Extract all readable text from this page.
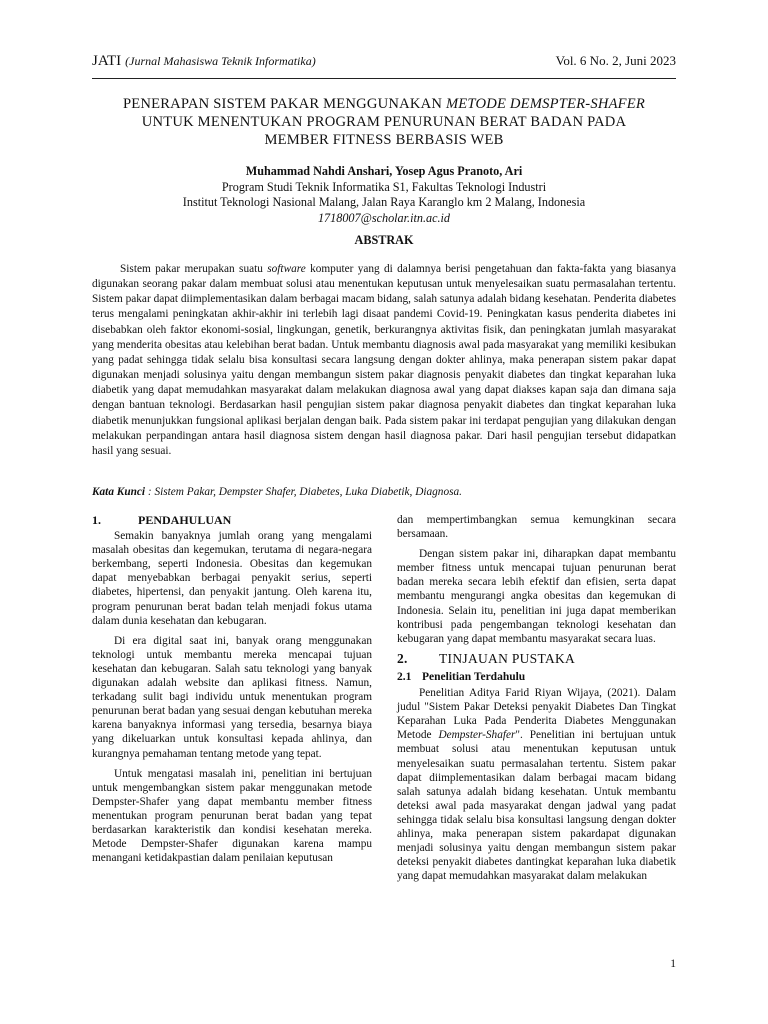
JATI (Jurnal Mahasiswa Teknik Informatika)	Vol. 6 No. 2, Juni 2023
PENERAPAN SISTEM PAKAR MENGGUNAKAN METODE DEMSPTER-SHAFER UNTUK MENENTUKAN PROGRAM PENURUNAN BERAT BADAN PADA MEMBER FITNESS BERBASIS WEB
Muhammad Nahdi Anshari, Yosep Agus Pranoto, Ari
Program Studi Teknik Informatika S1, Fakultas Teknologi Industri
Institut Teknologi Nasional Malang, Jalan Raya Karanglo km 2 Malang, Indonesia
1718007@scholar.itn.ac.id
ABSTRAK
Sistem pakar merupakan suatu software komputer yang di dalamnya berisi pengetahuan dan fakta-fakta yang biasanya digunakan seorang pakar dalam membuat solusi atau menentukan keputusan untuk menyelesaikan suatu permasalahan tertentu. Sistem pakar dapat diimplementasikan dalam berbagai macam bidang, salah satunya adalah bidang kesehatan. Penderita diabetes terus mengalami peningkatan akhir-akhir ini terlebih lagi disaat pandemi Covid-19. Peningkatan kasus penderita diabetes ini disebabkan oleh faktor ekonomi-sosial, lingkungan, genetik, berkurangnya aktivitas fisik, dan peningkatan jumlah masyarakat yang menderita obesitas atau kelebihan berat badan. Untuk membantu diagnosis awal pada masyarakat yang memiliki kesibukan yang padat sehingga tidak selalu bisa konsultasi secara langsung dengan dokter ahlinya, maka penerapan sistem pakar dapat digunakan menjadi solusinya yaitu dengan membangun sistem pakar diagnosis penyakit diabetes dan tingkat keparahan luka diabetik yang dapat memudahkan masyarakat dalam melakukan diagnosa awal yang dapat diakses kapan saja dan dimana saja dengan bantuan teknologi. Berdasarkan hasil pengujian sistem pakar diagnosa penyakit diabetes dan tingkat keparahan luka diabetik menunjukkan fungsional aplikasi berjalan dengan baik. Pada sistem pakar ini terdapat pengujian yang dilakukan dengan melakukan perpandingan antara hasil diagnosa sistem dengan hasil diagnosa pakar. Dari hasil pengujian tersebut didapatkan hasil yang sesuai.
Kata Kunci : Sistem Pakar, Dempster Shafer, Diabetes, Luka Diabetik, Diagnosa.
1.	PENDAHULUAN

Semakin banyaknya jumlah orang yang mengalami masalah obesitas dan kegemukan, terutama di negara-negara berkembang, seperti Indonesia. Obesitas dan kegemukan dapat menyebabkan berbagai penyakit serius, seperti diabetes, hipertensi, dan penyakit jantung. Oleh karena itu, program penurunan berat badan telah menjadi fokus utama dalam dunia kesehatan dan kebugaran.

Di era digital saat ini, banyak orang menggunakan teknologi untuk membantu mereka mencapai tujuan kesehatan dan kebugaran. Salah satu teknologi yang banyak digunakan adalah website dan aplikasi fitness. Namun, terkadang sulit bagi individu untuk menentukan program penurunan berat badan yang sesuai dengan kebutuhan mereka karena banyaknya informasi yang tersedia, besarnya biaya yang dikeluarkan untuk konsultasi kepada ahlinya, dan kurangnya pemahaman tentang metode yang tepat.

Untuk mengatasi masalah ini, penelitian ini bertujuan untuk mengembangkan sistem pakar menggunakan metode Dempster-Shafer yang dapat membantu member fitness menentukan program penurunan berat badan yang tepat berdasarkan karakteristik dan kondisi kesehatan mereka. Metode Dempster-Shafer digunakan karena mampu menangani ketidakpastian dalam penilaian keputusan

dan mempertimbangkan semua kemungkinan secara bersamaan.

Dengan sistem pakar ini, diharapkan dapat membantu member fitness untuk mencapai tujuan penurunan berat badan mereka secara lebih efektif dan efisien, serta dapat membantu mengurangi angka obesitas dan kegemukan di Indonesia. Selain itu, penelitian ini juga dapat memberikan kontribusi pada pengembangan teknologi kesehatan dan kebugaran yang dapat membantu masyarakat secara luas.

2.	TINJAUAN PUSTAKA
2.1 Penelitian Terdahulu

Penelitian Aditya Farid Riyan Wijaya, (2021). Dalam judul "Sistem Pakar Deteksi penyakit Diabetes Dan Tingkat Keparahan Luka Pada Penderita Diabetes Menggunakan Metode Dempster-Shafer". Penelitian ini bertujuan untuk membuat solusi atau menentukan keputusan untuk menyelesaikan suatu permasalahan tertentu. Sistem pakar dapat diimplementasikan dalam berbagai macam bidang salah satunya adalah bidang kesehatan. Untuk membantu deteksi awal pada masyarakat dengan jadwal yang padat sehingga tidak selalu bisa konsultasi langsung dengan dokter ahlinya, maka penerapan sistem pakardapat digunakan menjadi solusinya yaitu dengan membangun sistem pakar deteksi penyakit diabetes dantingkat keparahan luka diabetik yang dapat memudahkan masyarakat dalam melakukan

1
